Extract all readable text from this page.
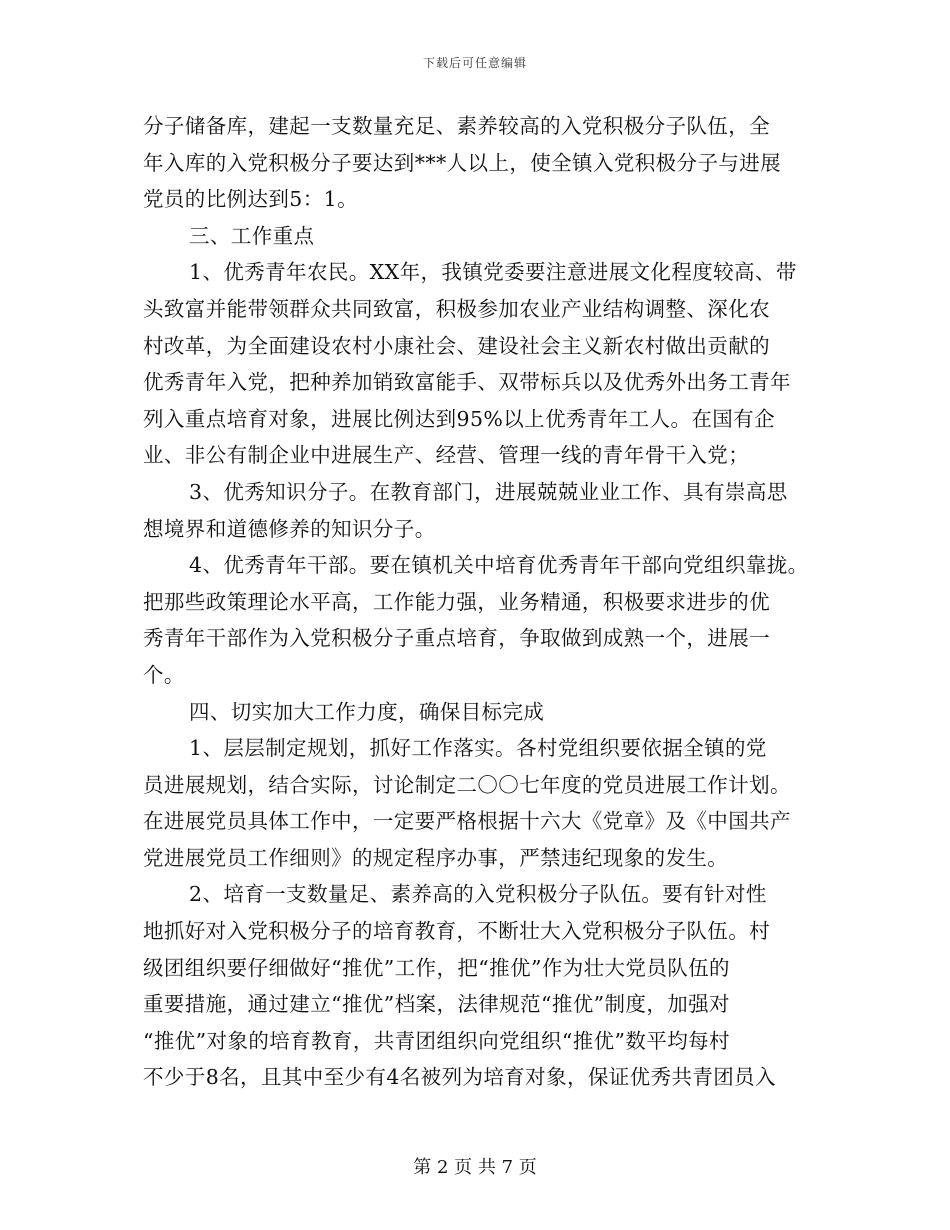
下载后可任意编辑
分子储备库，建起一支数量充足、素养较高的入党积极分子队伍，全
年入库的入党积极分子要达到***人以上，使全镇入党积极分子与进展
党员的比例达到5：1。
三、工作重点
1、优秀青年农民。XX年，我镇党委要注意进展文化程度较高、带
头致富并能带领群众共同致富，积极参加农业产业结构调整、深化农
村改革，为全面建设农村小康社会、建设社会主义新农村做出贡献的
优秀青年入党，把种养加销致富能手、双带标兵以及优秀外出务工青年
列入重点培育对象，进展比例达到95%以上优秀青年工人。在国有企
业、非公有制企业中进展生产、经营、管理一线的青年骨干入党；
3、优秀知识分子。在教育部门，进展兢兢业业工作、具有崇高思
想境界和道德修养的知识分子。
4、优秀青年干部。要在镇机关中培育优秀青年干部向党组织靠拢。
把那些政策理论水平高，工作能力强，业务精通，积极要求进步的优
秀青年干部作为入党积极分子重点培育，争取做到成熟一个，进展一
个。
四、切实加大工作力度，确保目标完成
1、层层制定规划，抓好工作落实。各村党组织要依据全镇的党
员进展规划，结合实际，讨论制定二〇〇七年度的党员进展工作计划。
在进展党员具体工作中，一定要严格根据十六大《党章》及《中国共产
党进展党员工作细则》的规定程序办事，严禁违纪现象的发生。
2、培育一支数量足、素养高的入党积极分子队伍。要有针对性
地抓好对入党积极分子的培育教育，不断壮大入党积极分子队伍。村
级团组织要仔细做好“推优”工作，把“推优”作为壮大党员队伍的
重要措施，通过建立“推优”档案，法律规范“推优”制度，加强对
“推优”对象的培育教育，共青团组织向党组织“推优”数平均每村
不少于8名，且其中至少有4名被列为培育对象，保证优秀共青团员入
第 2 页 共 7 页
